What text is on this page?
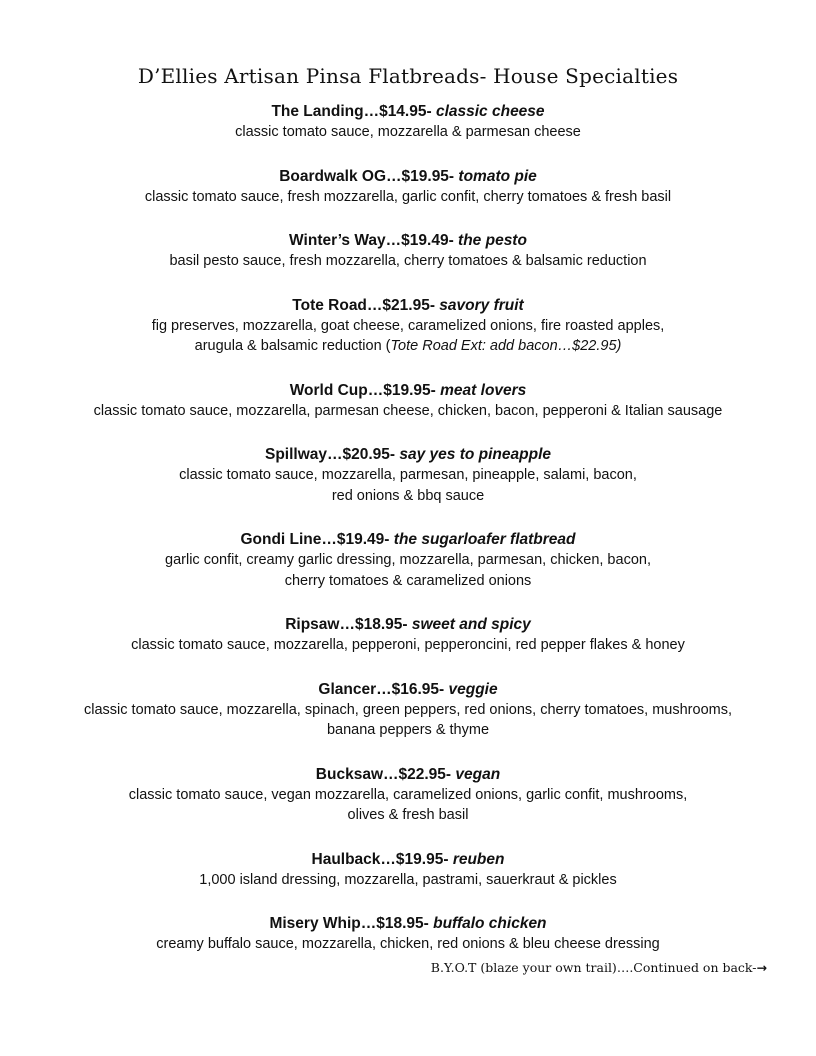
D’Ellies Artisan Pinsa Flatbreads- House Specialties

The Landing…$14.95- classic cheese

classic tomato sauce, mozzarella & parmesan cheese

Boardwalk OG…$19.95- tomato pie

classic tomato sauce, fresh mozzarella, garlic confit, cherry tomatoes & fresh basil

Winter’s Way…$19.49- the pesto

basil pesto sauce, fresh mozzarella, cherry tomatoes & balsamic reduction

Tote Road…$21.95- savory fruit

fig preserves, mozzarella, goat cheese, caramelized onions, fire roasted apples,

arugula & balsamic reduction (Tote Road Ext: add bacon…$22.95)

World Cup…$19.95- meat lovers

classic tomato sauce, mozzarella, parmesan cheese, chicken, bacon, pepperoni & Italian sausage

Spillway…$20.95- say yes to pineapple

classic tomato sauce, mozzarella, parmesan, pineapple, salami, bacon,

red onions & bbq sauce

Gondi Line…$19.49- the sugarloafer flatbread

garlic confit, creamy garlic dressing, mozzarella, parmesan, chicken, bacon,

cherry tomatoes & caramelized onions

Ripsaw…$18.95- sweet and spicy

classic tomato sauce, mozzarella, pepperoni, pepperoncini, red pepper flakes & honey

Glancer…$16.95- veggie

classic tomato sauce, mozzarella, spinach, green peppers, red onions, cherry tomatoes, mushrooms,

banana peppers & thyme

Bucksaw…$22.95- vegan

classic tomato sauce, vegan mozzarella, caramelized onions, garlic confit, mushrooms,

olives & fresh basil

Haulback…$19.95- reuben

1,000 island dressing, mozzarella, pastrami, sauerkraut & pickles

Misery Whip…$18.95- buffalo chicken

creamy buffalo sauce, mozzarella, chicken, red onions & bleu cheese dressing

B.Y.O.T (blaze your own trail)….Continued on back-→
